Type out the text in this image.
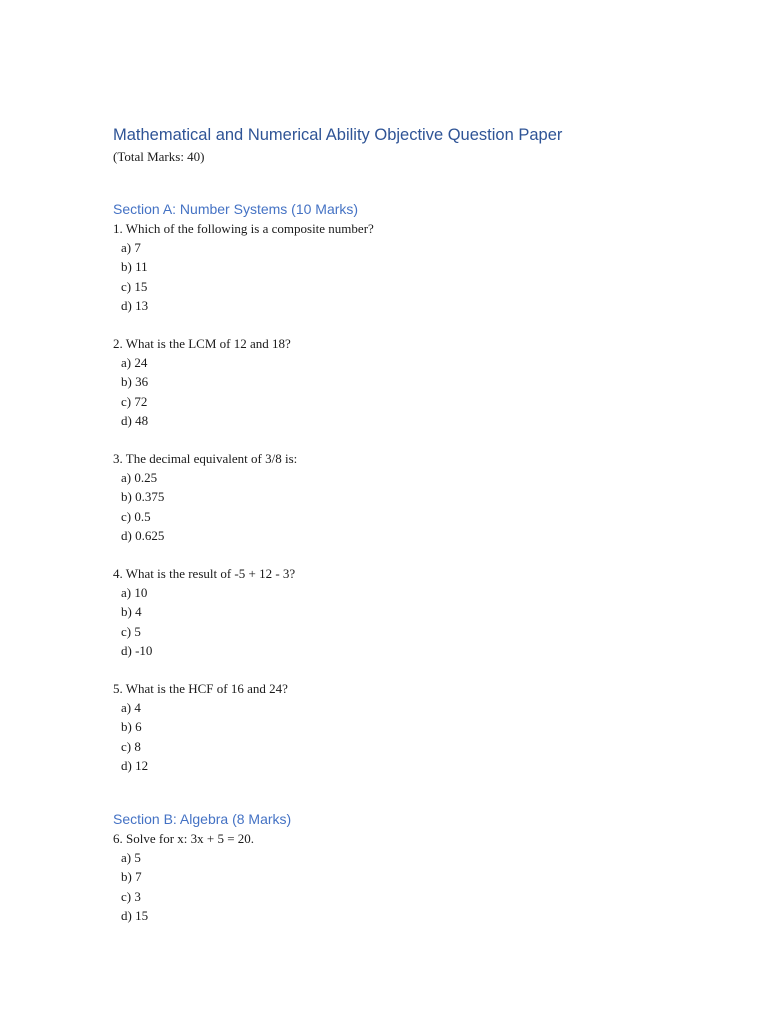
Mathematical and Numerical Ability Objective Question Paper

(Total Marks: 40)

Section A: Number Systems (10 Marks)

1. Which of the following is a composite number?

a) 7
b) 11
c) 15
d) 13

2. What is the LCM of 12 and 18?

a) 24
b) 36
c) 72
d) 48

3. The decimal equivalent of 3/8 is:

a) 0.25
b) 0.375
c) 0.5
d) 0.625

4. What is the result of -5 + 12 - 3?

a) 10
b) 4
c) 5
d) -10

5. What is the HCF of 16 and 24?

a) 4
b) 6
c) 8
d) 12
Section B: Algebra (8 Marks)

6. Solve for x: 3x + 5 = 20.

a) 5
b) 7
c) 3
d) 15
